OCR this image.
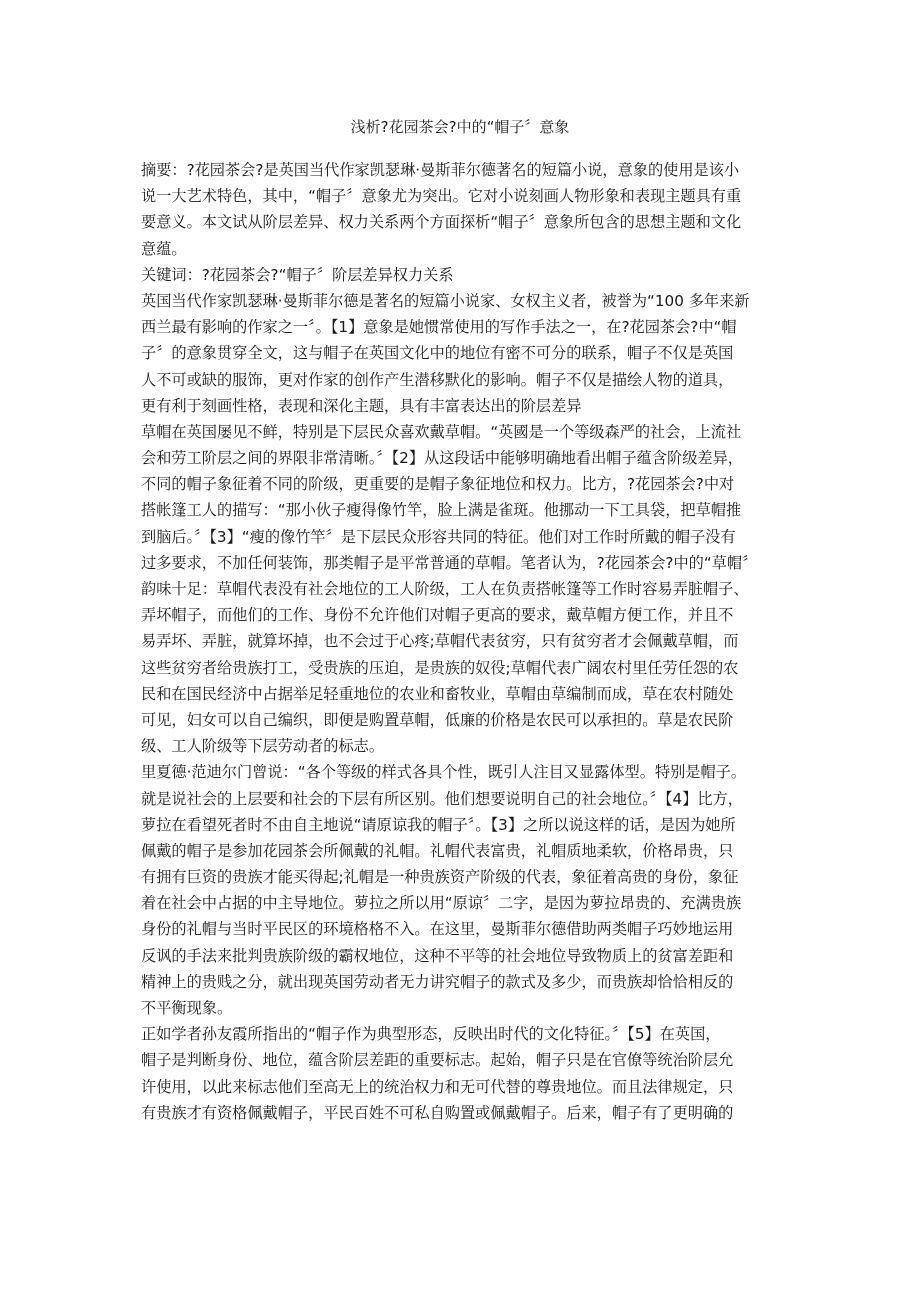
浅析?花园茶会?中的“帽子〞意象
摘要：?花园茶会?是英国当代作家凯瑟琳·曼斯菲尔德著名的短篇小说，意象的使用是该小
说一大艺术特色，其中，“帽子〞意象尤为突出。它对小说刻画人物形象和表现主题具有重
要意义。本文试从阶层差异、权力关系两个方面探析“帽子〞意象所包含的思想主题和文化
意蕴。
关键词：?花园茶会?“帽子〞阶层差异权力关系
英国当代作家凯瑟琳·曼斯菲尔德是著名的短篇小说家、女权主义者，被誉为“100 多年来新
西兰最有影响的作家之一〞。【1】意象是她惯常使用的写作手法之一，在?花园茶会?中“帽
子〞的意象贯穿全文，这与帽子在英国文化中的地位有密不可分的联系，帽子不仅是英国
人不可或缺的服饰，更对作家的创作产生潜移默化的影响。帽子不仅是描绘人物的道具，
更有利于刻画性格，表现和深化主题，具有丰富表达出的阶层差异
草帽在英国屡见不鲜，特别是下层民众喜欢戴草帽。“英國是一个等级森严的社会，上流社
会和劳工阶层之间的界限非常清晰。〞【2】从这段话中能够明确地看出帽子蕴含阶级差异，
不同的帽子象征着不同的阶级，更重要的是帽子象征地位和权力。比方，?花园茶会?中对
搭帐篷工人的描写：“那小伙子瘦得像竹竿，脸上满是雀斑。他挪动一下工具袋，把草帽推
到脑后。〞【3】“瘦的像竹竿〞是下层民众形容共同的特征。他们对工作时所戴的帽子没有
过多要求，不加任何装饰，那类帽子是平常普通的草帽。笔者认为，?花园茶会?中的“草帽〞
韵味十足：草帽代表没有社会地位的工人阶级，工人在负责搭帐篷等工作时容易弄脏帽子、
弄坏帽子，而他们的工作、身份不允许他们对帽子更高的要求，戴草帽方便工作，并且不
易弄坏、弄脏，就算坏掉，也不会过于心疼;草帽代表贫穷，只有贫穷者才会佩戴草帽，而
这些贫穷者给贵族打工，受贵族的压迫，是贵族的奴役;草帽代表广阔农村里任劳任怨的农
民和在国民经济中占据举足轻重地位的农业和畜牧业，草帽由草编制而成，草在农村随处
可见，妇女可以自己编织，即便是购置草帽，低廉的价格是农民可以承担的。草是农民阶
级、工人阶级等下层劳动者的标志。
里夏德·范迪尔门曾说：“各个等级的样式各具个性，既引人注目又显露体型。特别是帽子。
就是说社会的上层要和社会的下层有所区别。他们想要说明自己的社会地位。〞【4】比方，
萝拉在看望死者时不由自主地说“请原谅我的帽子〞。【3】之所以说这样的话，是因为她所
佩戴的帽子是参加花园茶会所佩戴的礼帽。礼帽代表富贵，礼帽质地柔软，价格昂贵，只
有拥有巨资的贵族才能买得起;礼帽是一种贵族资产阶级的代表，象征着高贵的身份，象征
着在社会中占据的中主导地位。萝拉之所以用“原谅〞二字，是因为萝拉昂贵的、充满贵族
身份的礼帽与当时平民区的环境格格不入。在这里，曼斯菲尔德借助两类帽子巧妙地运用
反讽的手法来批判贵族阶级的霸权地位，这种不平等的社会地位导致物质上的贫富差距和
精神上的贵贱之分，就出现英国劳动者无力讲究帽子的款式及多少，而贵族却恰恰相反的
不平衡现象。
正如学者孙友霞所指出的“帽子作为典型形态，反映出时代的文化特征。〞【5】在英国，
帽子是判断身份、地位，蕴含阶层差距的重要标志。起始，帽子只是在官僚等统治阶层允
许使用，以此来标志他们至高无上的统治权力和无可代替的尊贵地位。而且法律规定，只
有贵族才有资格佩戴帽子，平民百姓不可私自购置或佩戴帽子。后来，帽子有了更明确的
